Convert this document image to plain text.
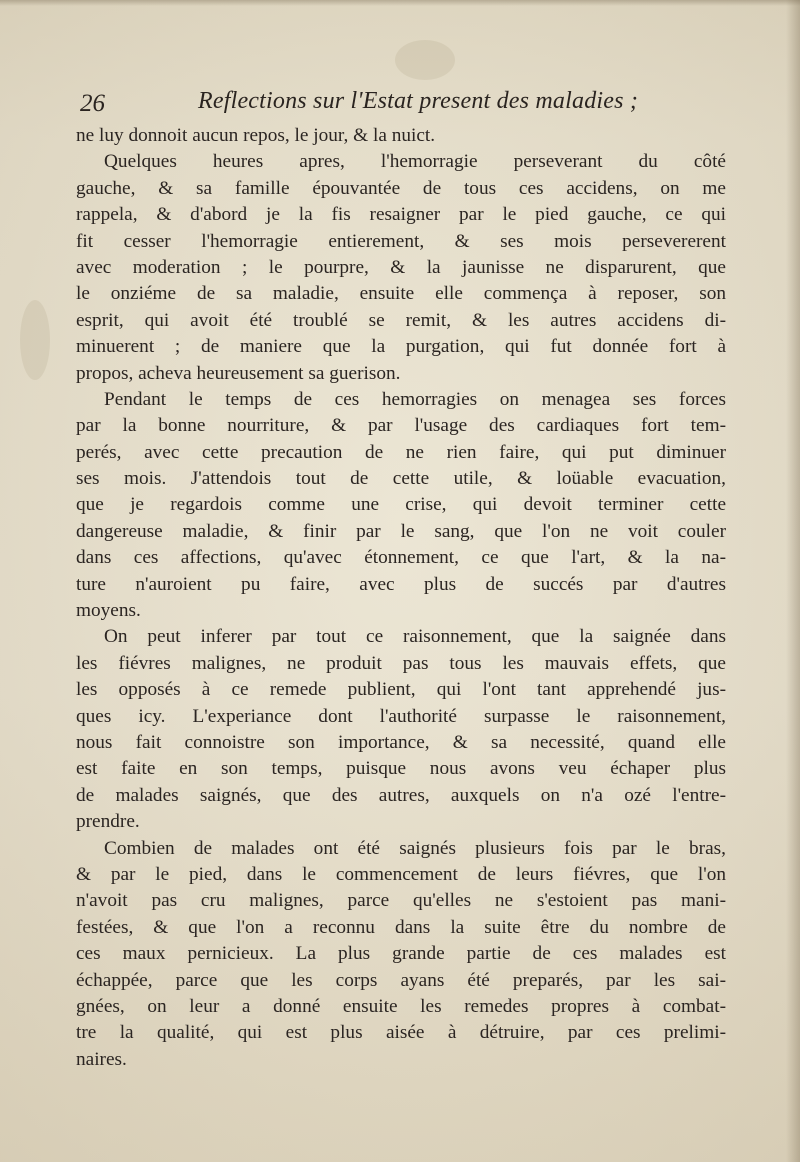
26	Reflections sur l'Estat present des maladies ;
ne luy donnoit aucun repos, le jour, & la nuict.
Quelques heures apres, l'hemorragie perseverant du côté
gauche, & sa famille épouvantée de tous ces accidens, on me
rappela, & d'abord je la fis resaigner par le pied gauche, ce qui
fit cesser l'hemorragie entierement, & ses mois persevererent
avec moderation ; le pourpre, & la jaunisse ne disparurent, que
le onziéme de sa maladie, ensuite elle commença à reposer, son
esprit, qui avoit été troublé se remit, & les autres accidens di-
minuerent ; de maniere que la purgation, qui fut donnée fort à
propos, acheva heureusement sa guerison.
Pendant le temps de ces hemorragies on menagea ses forces
par la bonne nourriture, & par l'usage des cardiaques fort tem-
perés, avec cette precaution de ne rien faire, qui put diminuer
ses mois. J'attendois tout de cette utile, & loüable evacuation,
que je regardois comme une crise, qui devoit terminer cette
dangereuse maladie, & finir par le sang, que l'on ne voit couler
dans ces affections, qu'avec étonnement, ce que l'art, & la na-
ture n'auroient pu faire, avec plus de succés par d'autres
moyens.
On peut inferer par tout ce raisonnement, que la saignée dans
les fiévres malignes, ne produit pas tous les mauvais effets, que
les opposés à ce remede publient, qui l'ont tant apprehendé jus-
ques icy. L'experiance dont l'authorité surpasse le raisonnement,
nous fait connoistre son importance, & sa necessité, quand elle
est faite en son temps, puisque nous avons veu échaper plus
de malades saignés, que des autres, auxquels on n'a ozé l'entre-
prendre.
Combien de malades ont été saignés plusieurs fois par le bras,
& par le pied, dans le commencement de leurs fiévres, que l'on
n'avoit pas cru malignes, parce qu'elles ne s'estoient pas mani-
festées, & que l'on a reconnu dans la suite être du nombre de
ces maux pernicieux. La plus grande partie de ces malades est
échappée, parce que les corps ayans été preparés, par les sai-
gnées, on leur a donné ensuite les remedes propres à combat-
tre la qualité, qui est plus aisée à détruire, par ces prelimi-
naires.
